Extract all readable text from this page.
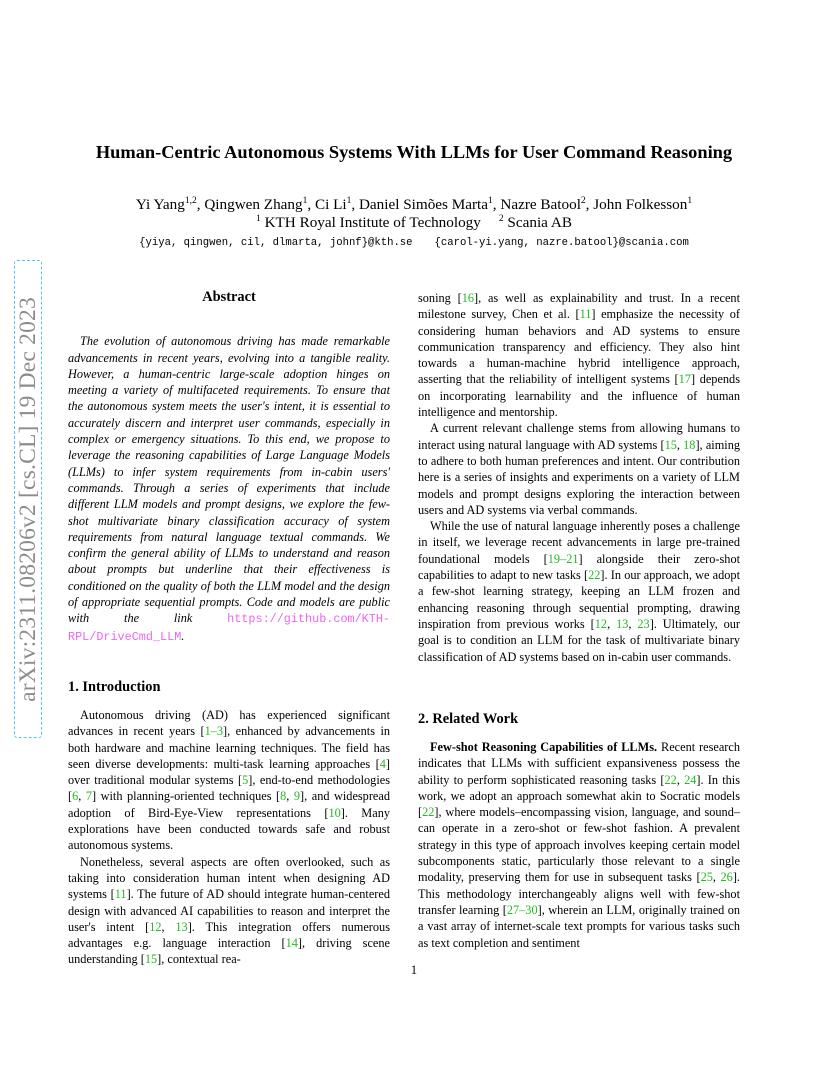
arXiv:2311.08206v2 [cs.CL] 19 Dec 2023
Human-Centric Autonomous Systems With LLMs for User Command Reasoning
Yi Yang$^{1,2}$, Qingwen Zhang$^1$, Ci Li$^1$, Daniel Simões Marta$^1$, Nazre Batool$^2$, John Folkesson$^1$
$^1$ KTH Royal Institute of Technology $^2$ Scania AB
{yiya, qingwen, cil, dlmarta, johnf}@kth.se {carol-yi.yang, nazre.batool}@scania.com
Abstract

The evolution of autonomous driving has made remarkable advancements in recent years, evolving into a tangible reality. However, a human-centric large-scale adoption hinges on meeting a variety of multifaceted requirements. To ensure that the autonomous system meets the user's intent, it is essential to accurately discern and interpret user commands, especially in complex or emergency situations. To this end, we propose to leverage the reasoning capabilities of Large Language Models (LLMs) to infer system requirements from in-cabin users' commands. Through a series of experiments that include different LLM models and prompt designs, we explore the few-shot multivariate binary classification accuracy of system requirements from natural language textual commands. We confirm the general ability of LLMs to understand and reason about prompts but underline that their effectiveness is conditioned on the quality of both the LLM model and the design of appropriate sequential prompts. Code and models are public with the link https://github.com/KTH-RPL/DriveCmd_LLM.

1. Introduction

Autonomous driving (AD) has experienced significant advances in recent years [1–3], enhanced by advancements in both hardware and machine learning techniques. The field has seen diverse developments: multi-task learning approaches [4] over traditional modular systems [5], end-to-end methodologies [6, 7] with planning-oriented techniques [8, 9], and widespread adoption of Bird-Eye-View representations [10]. Many explorations have been conducted towards safe and robust autonomous systems.

Nonetheless, several aspects are often overlooked, such as taking into consideration human intent when designing AD systems [11]. The future of AD should integrate human-centered design with advanced AI capabilities to reason and interpret the user's intent [12, 13]. This integration offers numerous advantages e.g. language interaction [14], driving scene understanding [15], contextual rea-

soning [16], as well as explainability and trust. In a recent milestone survey, Chen et al. [11] emphasize the necessity of considering human behaviors and AD systems to ensure communication transparency and efficiency. They also hint towards a human-machine hybrid intelligence approach, asserting that the reliability of intelligent systems [17] depends on incorporating learnability and the influence of human intelligence and mentorship.

A current relevant challenge stems from allowing humans to interact using natural language with AD systems [15, 18], aiming to adhere to both human preferences and intent. Our contribution here is a series of insights and experiments on a variety of LLM models and prompt designs exploring the interaction between users and AD systems via verbal commands.

While the use of natural language inherently poses a challenge in itself, we leverage recent advancements in large pre-trained foundational models [19–21] alongside their zero-shot capabilities to adapt to new tasks [22]. In our approach, we adopt a few-shot learning strategy, keeping an LLM frozen and enhancing reasoning through sequential prompting, drawing inspiration from previous works [12, 13, 23]. Ultimately, our goal is to condition an LLM for the task of multivariate binary classification of AD systems based on in-cabin user commands.

2. Related Work

Few-shot Reasoning Capabilities of LLMs. Recent research indicates that LLMs with sufficient expansiveness possess the ability to perform sophisticated reasoning tasks [22, 24]. In this work, we adopt an approach somewhat akin to Socratic models [22], where models–encompassing vision, language, and sound–can operate in a zero-shot or few-shot fashion. A prevalent strategy in this type of approach involves keeping certain model subcomponents static, particularly those relevant to a single modality, preserving them for use in subsequent tasks [25, 26]. This methodology interchangeably aligns well with few-shot transfer learning [27–30], wherein an LLM, originally trained on a vast array of internet-scale text prompts for various tasks such as text completion and sentiment

1
